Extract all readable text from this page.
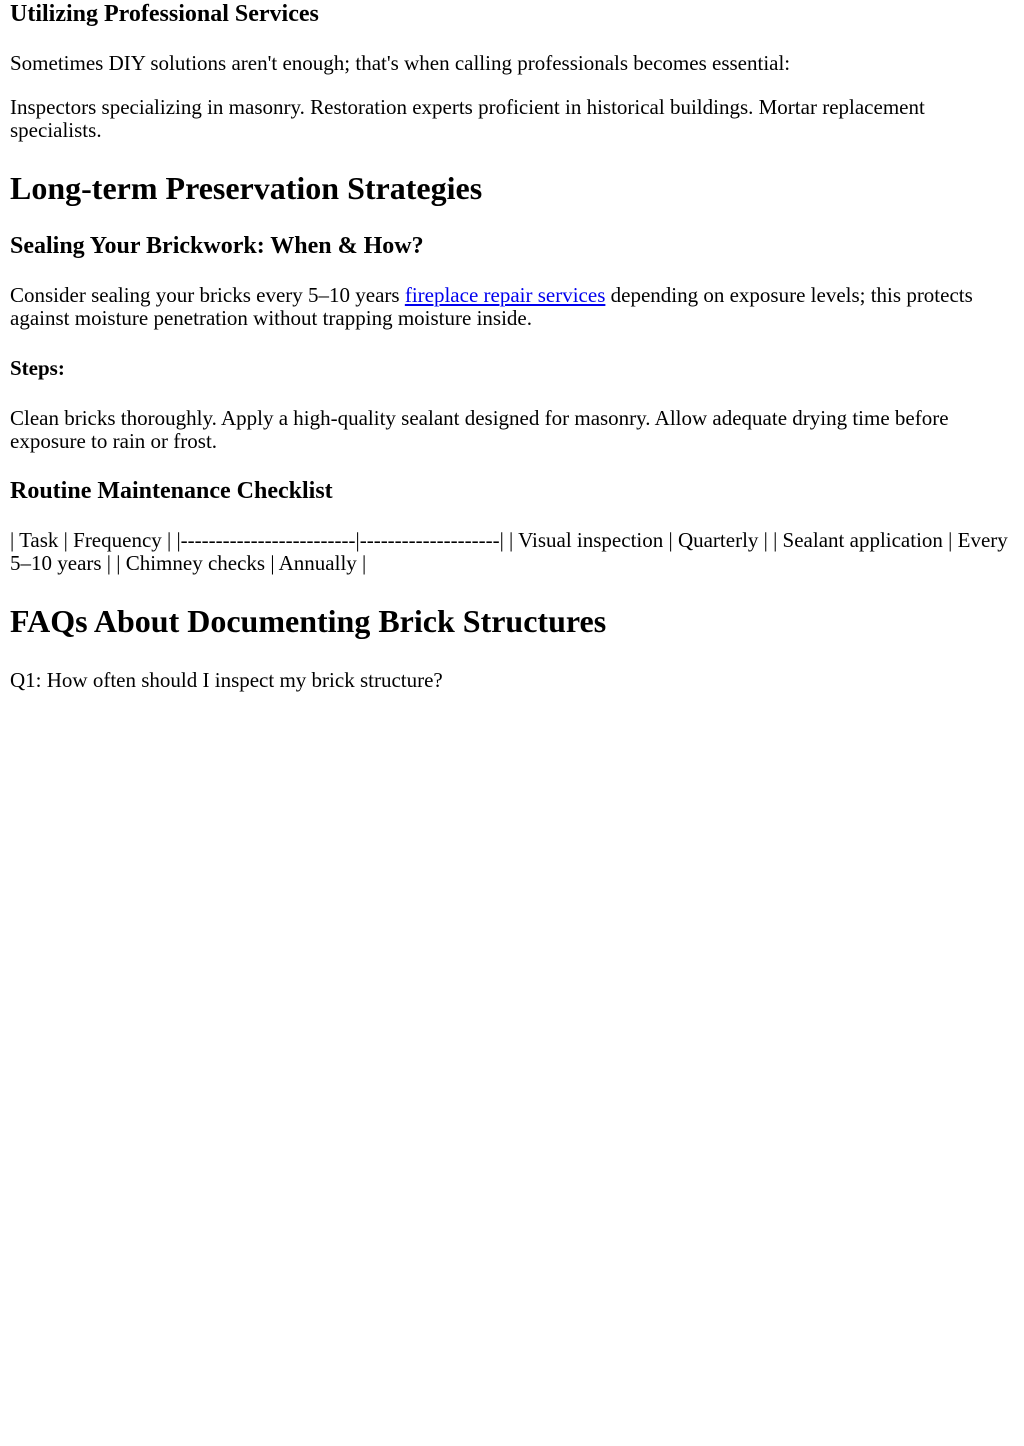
Utilizing Professional Services

Sometimes DIY solutions aren't enough; that's when calling professionals becomes essential:

Inspectors specializing in masonry. Restoration experts proficient in historical buildings. Mortar replacement specialists.

Long-term Preservation Strategies
Sealing Your Brickwork: When & How?

Consider sealing your bricks every 5–10 years fireplace repair services depending on exposure levels; this protects against moisture penetration without trapping moisture inside.

Steps:

Clean bricks thoroughly. Apply a high-quality sealant designed for masonry. Allow adequate drying time before exposure to rain or frost.

Routine Maintenance Checklist

| Task | Frequency | |-------------------------|--------------------| | Visual inspection | Quarterly | | Sealant application | Every 5–10 years | | Chimney checks | Annually |

FAQs About Documenting Brick Structures

Q1: How often should I inspect my brick structure?
